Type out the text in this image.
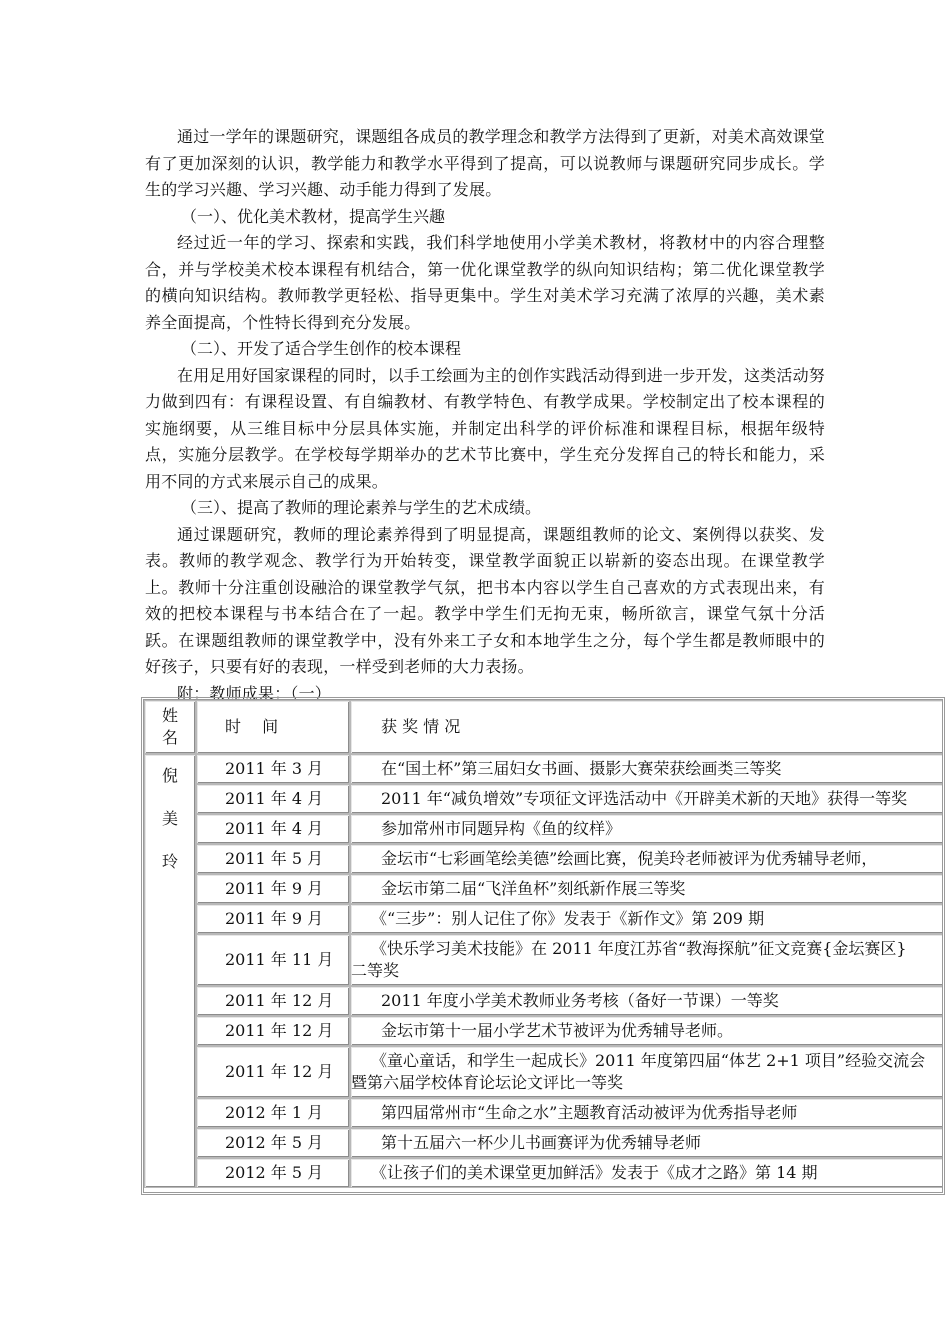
通过一学年的课题研究，课题组各成员的教学理念和教学方法得到了更新，对美术高效课堂有了更加深刻的认识，教学能力和教学水平得到了提高，可以说教师与课题研究同步成长。学生的学习兴趣、学习兴趣、动手能力得到了发展。

（一）、优化美术教材，提高学生兴趣

经过近一年的学习、探索和实践，我们科学地使用小学美术教材，将教材中的内容合理整合，并与学校美术校本课程有机结合，第一优化课堂教学的纵向知识结构；第二优化课堂教学的横向知识结构。教师教学更轻松、指导更集中。学生对美术学习充满了浓厚的兴趣，美术素养全面提高，个性特长得到充分发展。

（二）、开发了适合学生创作的校本课程

在用足用好国家课程的同时，以手工绘画为主的创作实践活动得到进一步开发，这类活动努力做到四有：有课程设置、有自编教材、有教学特色、有教学成果。学校制定出了校本课程的实施纲要，从三维目标中分层具体实施，并制定出科学的评价标准和课程目标，根据年级特点，实施分层教学。在学校每学期举办的艺术节比赛中，学生充分发挥自己的特长和能力，采用不同的方式来展示自己的成果。

（三）、提高了教师的理论素养与学生的艺术成绩。

通过课题研究，教师的理论素养得到了明显提高，课题组教师的论文、案例得以获奖、发表。教师的教学观念、教学行为开始转变，课堂教学面貌正以崭新的姿态出现。在课堂教学上。教师十分注重创设融洽的课堂教学气氛，把书本内容以学生自己喜欢的方式表现出来，有效的把校本课程与书本结合在了一起。教学中学生们无拘无束，畅所欲言，课堂气氛十分活跃。在课题组教师的课堂教学中，没有外来工子女和本地学生之分，每个学生都是教师眼中的好孩子，只要有好的表现，一样受到老师的大力表扬。

附：教师成果：（一）

姓
名	时　 间	获 奖 情 况

倪
美
玲	2011 年 3 月	在“国土杯”第三届妇女书画、摄影大赛荣获绘画类三等奖
	2011 年 4 月	2011 年“减负增效”专项征文评选活动中《开辟美术新的天地》获得一等奖
	2011 年 4 月	参加常州市同题异构《鱼的纹样》
	2011 年 5 月	金坛市“七彩画笔绘美德”绘画比赛，倪美玲老师被评为优秀辅导老师，
	2011 年 9 月	金坛市第二届“飞洋鱼杯”刻纸新作展三等奖
	2011 年 9 月	《“三步”：别人记住了你》发表于《新作文》第 209 期
	2011 年 11 月	《快乐学习美术技能》在 2011 年度江苏省“教海探航”征文竞赛{金坛赛区}
二等奖

	2011 年 12 月	2011 年度小学美术教师业务考核（备好一节课）一等奖
	2011 年 12 月	金坛市第十一届小学艺术节被评为优秀辅导老师。
	2011 年 12 月	《童心童话，和学生一起成长》2011 年度第四届“体艺 2+1 项目”经验交流会
暨第六届学校体育论坛论文评比一等奖

	2012 年 1 月	第四届常州市“生命之水”主题教育活动被评为优秀指导老师
	2012 年 5 月	第十五届六一杯少儿书画赛评为优秀辅导老师
	2012 年 5 月	《让孩子们的美术课堂更加鲜活》发表于《成才之路》第 14 期
